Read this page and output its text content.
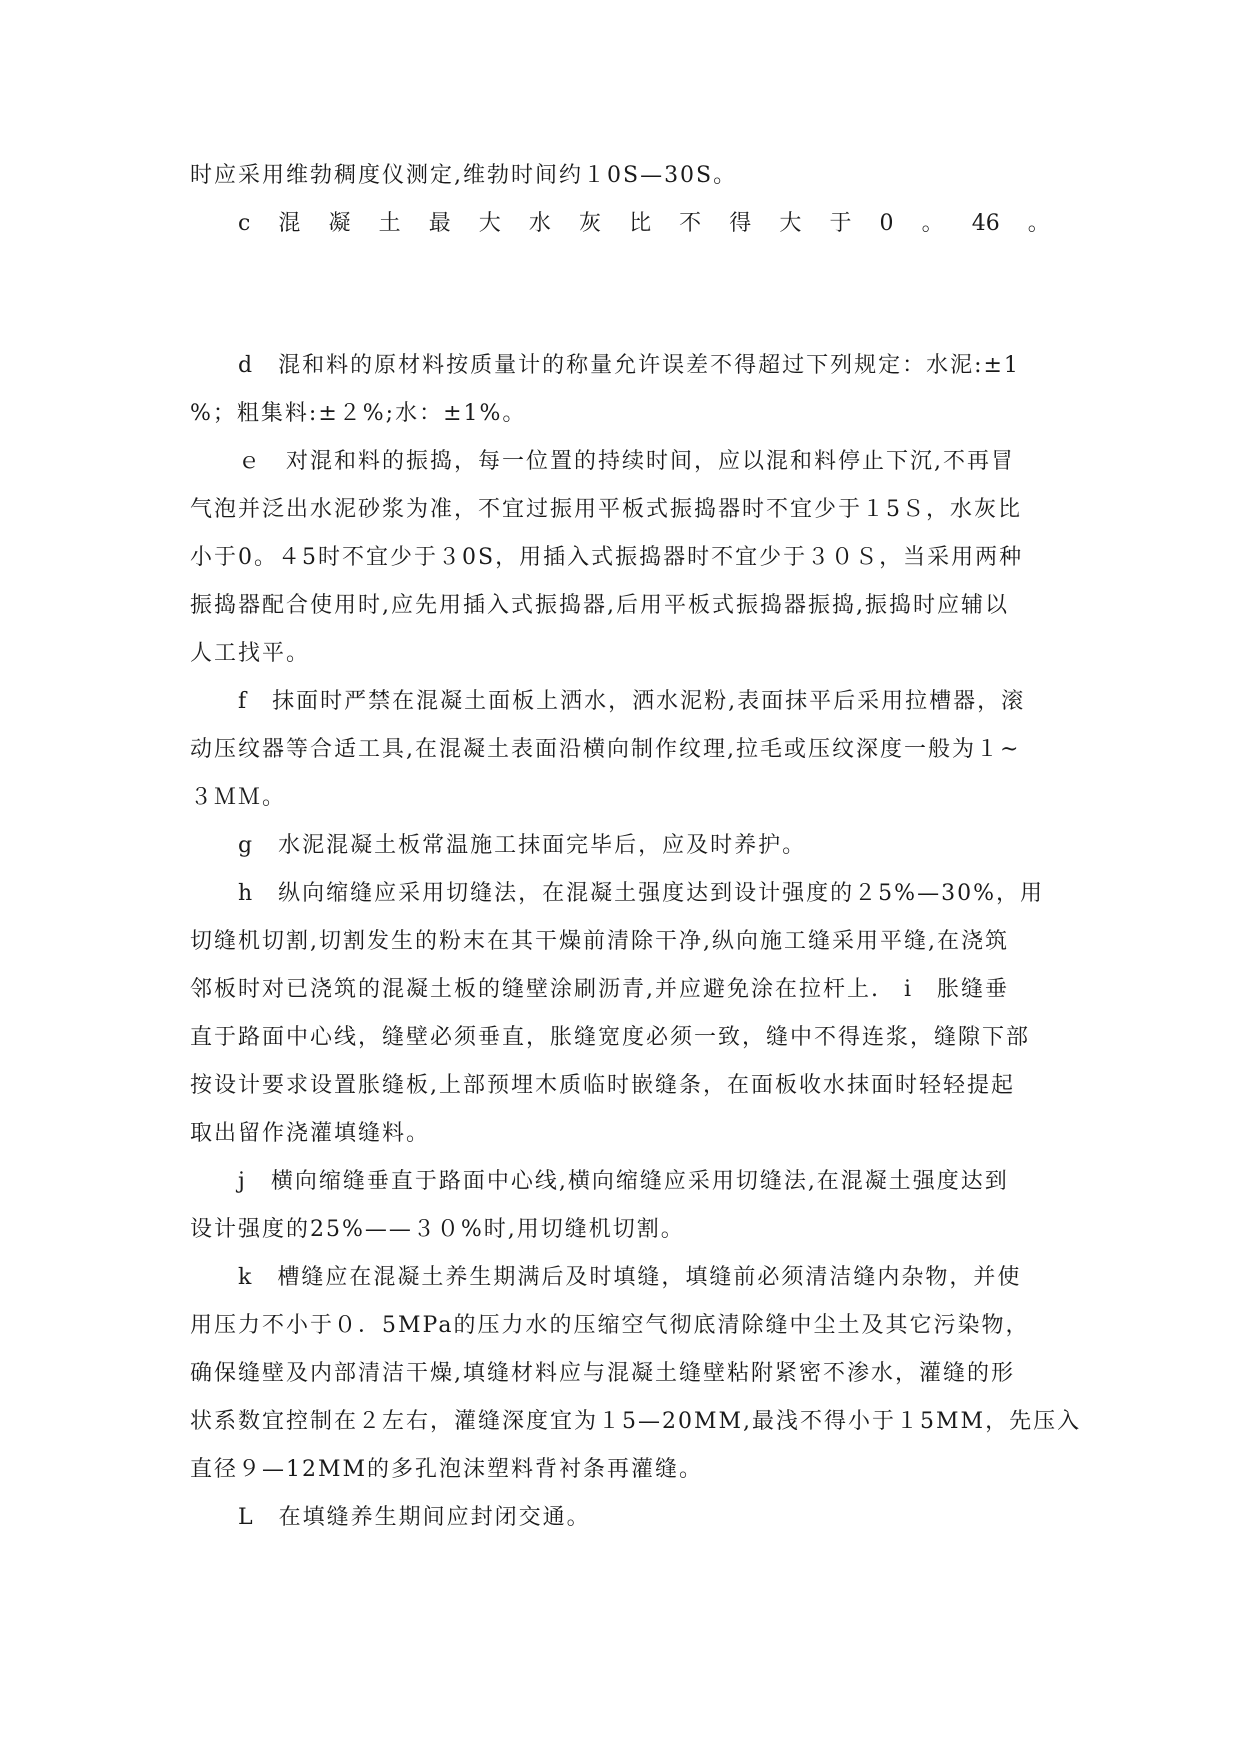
时应采用维勃稠度仪测定,维勃时间约１0S—30S。
c 混 凝 土 最 大 水 灰 比 不 得 大 于 0 。 46 。
d　混和料的原材料按质量计的称量允许误差不得超过下列规定：水泥:±1
%；粗集料:±２%;水：±1%。
ｅ　对混和料的振捣，每一位置的持续时间，应以混和料停止下沉,不再冒
气泡并泛出水泥砂浆为准，不宜过振用平板式振捣器时不宜少于１5Ｓ，水灰比
小于0。４5时不宜少于３0S，用插入式振捣器时不宜少于３０Ｓ，当采用两种
振捣器配合使用时,应先用插入式振捣器,后用平板式振捣器振捣,振捣时应辅以
人工找平。
f　抹面时严禁在混凝土面板上洒水，洒水泥粉,表面抹平后采用拉槽器，滚
动压纹器等合适工具,在混凝土表面沿横向制作纹理,拉毛或压纹深度一般为１~
３ＭＭ。
g　水泥混凝土板常温施工抹面完毕后，应及时养护。
h　纵向缩缝应采用切缝法，在混凝土强度达到设计强度的２5%—30%，用
切缝机切割,切割发生的粉末在其干燥前清除干净,纵向施工缝采用平缝,在浇筑
邻板时对已浇筑的混凝土板的缝壁涂刷沥青,并应避免涂在拉杆上.　i　胀缝垂
直于路面中心线，缝壁必须垂直，胀缝宽度必须一致，缝中不得连浆，缝隙下部
按设计要求设置胀缝板,上部预埋木质临时嵌缝条，在面板收水抹面时轻轻提起
取出留作浇灌填缝料。
j　横向缩缝垂直于路面中心线,横向缩缝应采用切缝法,在混凝土强度达到
设计强度的25%——３０%时,用切缝机切割。
k　槽缝应在混凝土养生期满后及时填缝，填缝前必须清洁缝内杂物，并使
用压力不小于０．5MPa的压力水的压缩空气彻底清除缝中尘土及其它污染物，
确保缝壁及内部清洁干燥,填缝材料应与混凝土缝壁粘附紧密不渗水，灌缝的形
状系数宜控制在２左右，灌缝深度宜为１5—20MM,最浅不得小于１5MM，先压入
直径９—12MM的多孔泡沫塑料背衬条再灌缝。
L　在填缝养生期间应封闭交通。
